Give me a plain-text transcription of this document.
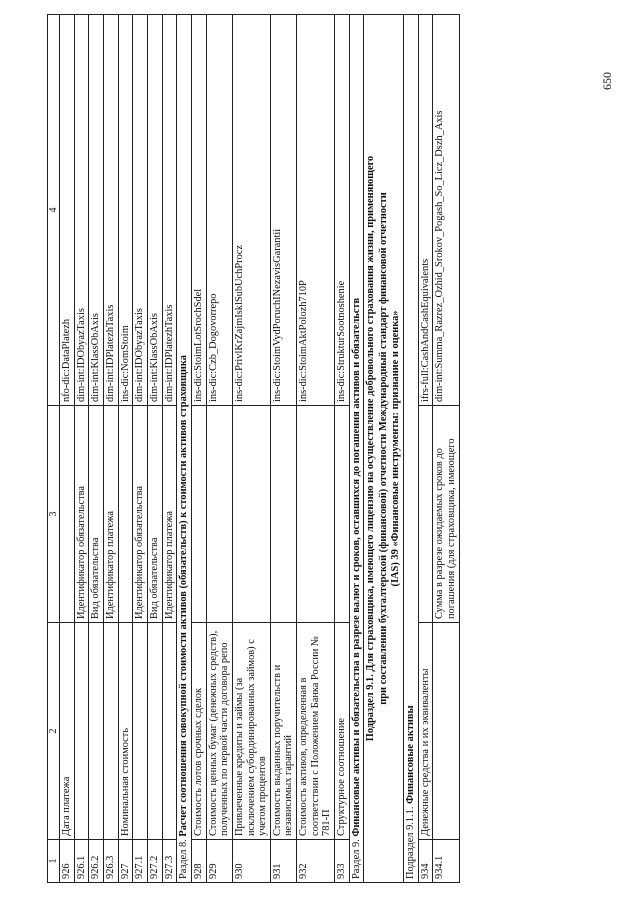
650
1	2	3	4
926	Дата платежа		nfo-dic:DataPlatezh
926.1		Идентификатор обязательства	dim-int:IDObyazTaxis
926.2		Вид обязательства	dim-int:KlassObAxis
926.3		Идентификатор платежа	dim-int:IDPlatezhTaxis
927	Номинальная стоимость		ins-dic:NomStoim
927.1		Идентификатор обязательства	dim-int:IDObyazTaxis
927.2		Вид обязательства	dim-int:KlassObAxis
927.3		Идентификатор платежа	dim-int:IDPlatezhTaxis
Раздел 8. Расчет соотношения совокупной стоимости активов (обязательств) к стоимости активов страховщика			
928	Стоимость лотов срочных сделок		ins-dic:StoimLotSrochSdel
929	Стоимость ценных бумаг (денежных средств), полученных по первой части договора репо		ins-dic:Czb_Dogovorrepo
930	Привлеченные кредиты и займы (за исключением субординированных займов) с учетом процентов		ins-dic:PrivlKrZajmIsklSubUchProcz
931	Стоимость выданных поручительств и независимых гарантий		ins-dic:StoimVydPoruchINezavisGarantii
932	Стоимость активов, определенная в соответствии с Положением Банка России № 781-П		ins-dic:StoimAktPolozh710P
933	Структурное соотношение		ins-dic:StrukturSootnoshenie
Раздел 9. Финансовые активы и обязательства в разрезе валют и сроков, оставшихся до погашения активов и обязательств			

Подраздел 9.1. Для страховщика, имеющего лицензию на осуществление добровольного страхования жизни, применяющего при составлении бухгалтерской (финансовой) отчетности Международный стандарт финансовой отчетности (IAS) 39 «Финансовые инструменты: признание и оценка»			

Подраздел 9.1.1. Финансовые активы			
934	Денежные средства и их эквиваленты		ifrs-full:CashAndCashEquivalents
934.1		Сумма в разрезе ожидаемых сроков до погашения (для страховщика, имеющего	dim-int:Summa_Razrez_Ozhid_Srokov_Pogash_So_Licz_Dszh_Axis
